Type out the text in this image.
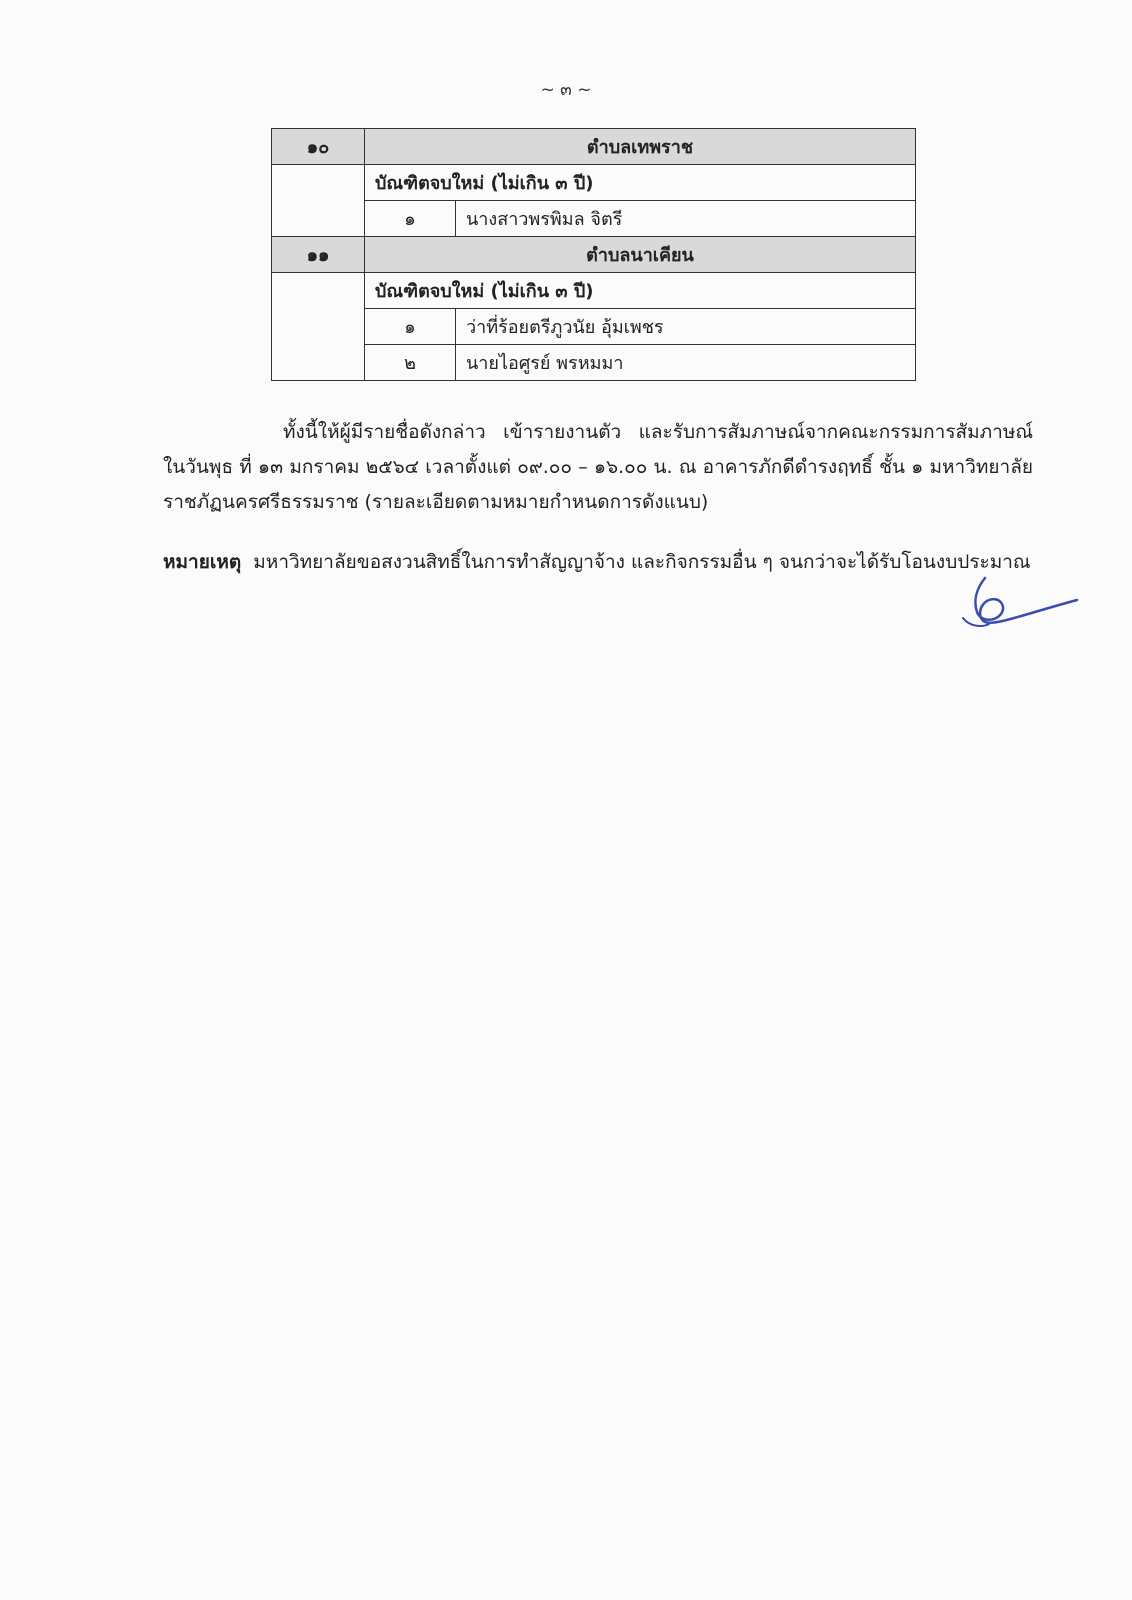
~ ๓ ~
๑๐	ตำบลเทพราช	
	บัณฑิตจบใหม่ (ไม่เกิน ๓ ปี)	
	๑	นางสาวพรพิมล จิตรี
๑๑	ตำบลนาเคียน	
	บัณฑิตจบใหม่ (ไม่เกิน ๓ ปี)	
	๑	ว่าที่ร้อยตรีภูวนัย อุ้มเพชร
	๒	นายไอศูรย์ พรหมมา
ทั้งนี้ให้ผู้มีรายชื่อดังกล่าว เข้ารายงานตัว และรับการสัมภาษณ์จากคณะกรรมการสัมภาษณ์ ในวันพุธ ที่ ๑๓ มกราคม ๒๕๖๔ เวลาตั้งแต่ ๐๙.๐๐ – ๑๖.๐๐ น. ณ อาคารภักดีดำรงฤทธิ์ ชั้น ๑ มหาวิทยาลัยราชภัฏนครศรีธรรมราช (รายละเอียดตามหมายกำหนดการดังแนบ)
หมายเหตุ มหาวิทยาลัยขอสงวนสิทธิ์ในการทำสัญญาจ้าง และกิจกรรมอื่น ๆ จนกว่าจะได้รับโอนงบประมาณ
